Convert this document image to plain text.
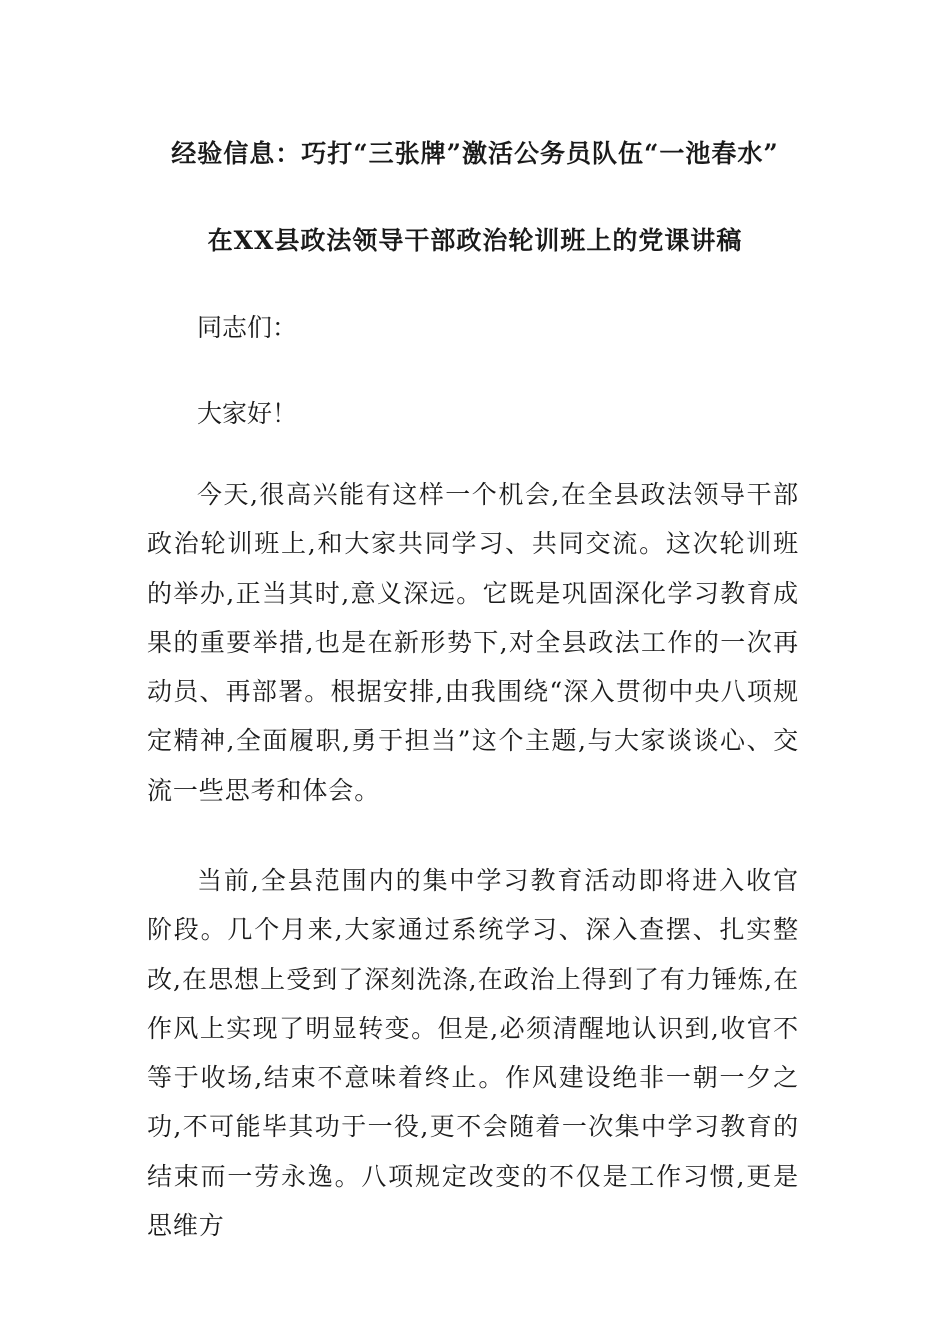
经验信息：巧打“三张牌”激活公务员队伍“一池春水”
在XX县政法领导干部政治轮训班上的党课讲稿
同志们：
大家好！

今天,很高兴能有这样一个机会,在全县政法领导干部政治轮训班上,和大家共同学习、共同交流。这次轮训班的举办,正当其时,意义深远。它既是巩固深化学习教育成果的重要举措,也是在新形势下,对全县政法工作的一次再动员、再部署。根据安排,由我围绕“深入贯彻中央八项规定精神,全面履职,勇于担当”这个主题,与大家谈谈心、交流一些思考和体会。

当前,全县范围内的集中学习教育活动即将进入收官阶段。几个月来,大家通过系统学习、深入查摆、扎实整改,在思想上受到了深刻洗涤,在政治上得到了有力锤炼,在作风上实现了明显转变。但是,必须清醒地认识到,收官不等于收场,结束不意味着终止。作风建设绝非一朝一夕之功,不可能毕其功于一役,更不会随着一次集中学习教育的结束而一劳永逸。八项规定改变的不仅是工作习惯,更是思维方
